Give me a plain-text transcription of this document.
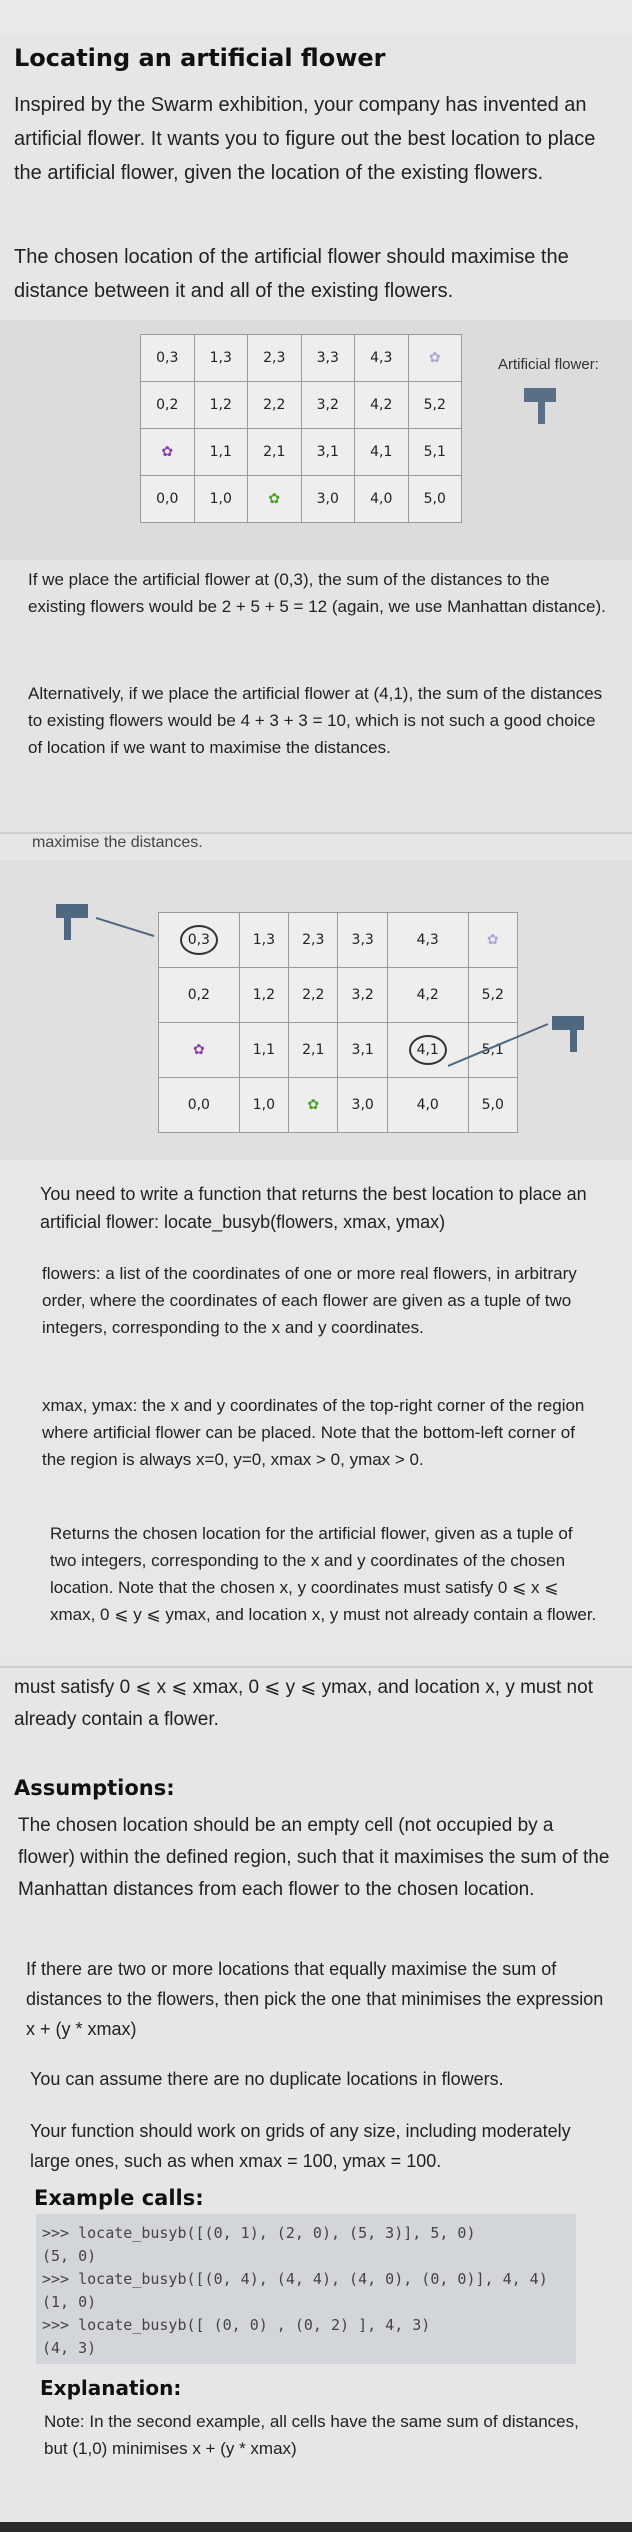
Locating an artificial flower

Inspired by the Swarm exhibition, your company has invented an artificial flower. It wants you to figure out the best location to place the artificial flower, given the location of the existing flowers.

The chosen location of the artificial flower should maximise the distance between it and all of the existing flowers.

0,3	1,3	2,3	3,3	4,3	✿
0,2	1,2	2,2	3,2	4,2	5,2
✿	1,1	2,1	3,1	4,1	5,1
0,0	1,0	✿	3,0	4,0	5,0
Artificial flower:

If we place the artificial flower at (0,3), the sum of the distances to the existing flowers would be 2 + 5 + 5 = 12 (again, we use Manhattan distance).

Alternatively, if we place the artificial flower at (4,1), the sum of the distances to existing flowers would be 4 + 3 + 3 = 10, which is not such a good choice of location if we want to maximise the distances.

maximise the distances.
0,3	1,3	2,3	3,3	4,3	✿
0,2	1,2	2,2	3,2	4,2	5,2
✿	1,1	2,1	3,1	4,1	5,1
0,0	1,0	✿	3,0	4,0	5,0

You need to write a function that returns the best location to place an artificial flower: locate_busyb(flowers, xmax, ymax)

flowers: a list of the coordinates of one or more real flowers, in arbitrary order, where the coordinates of each flower are given as a tuple of two integers, corresponding to the x and y coordinates.

xmax, ymax: the x and y coordinates of the top-right corner of the region where artificial flower can be placed. Note that the bottom-left corner of the region is always x=0, y=0, xmax > 0, ymax > 0.

Returns the chosen location for the artificial flower, given as a tuple of two integers, corresponding to the x and y coordinates of the chosen location. Note that the chosen x, y coordinates must satisfy 0 ⩽ x ⩽ xmax, 0 ⩽ y ⩽ ymax, and location x, y must not already contain a flower.

must satisfy 0 ⩽ x ⩽ xmax, 0 ⩽ y ⩽ ymax, and location x, y must not already contain a flower.

Assumptions:

The chosen location should be an empty cell (not occupied by a flower) within the defined region, such that it maximises the sum of the Manhattan distances from each flower to the chosen location.

If there are two or more locations that equally maximise the sum of distances to the flowers, then pick the one that minimises the expression x + (y * xmax)

You can assume there are no duplicate locations in flowers.

Your function should work on grids of any size, including moderately large ones, such as when xmax = 100, ymax = 100.

Example calls:
>>> locate_busyb([(0, 1), (2, 0), (5, 3)], 5, 0)
(5, 0)
>>> locate_busyb([(0, 4), (4, 4), (4, 0), (0, 0)], 4, 4)
(1, 0)
>>> locate_busyb([ (0, 0) , (0, 2) ], 4, 3)
(4, 3)
Explanation:

Note: In the second example, all cells have the same sum of distances, but (1,0) minimises x + (y * xmax)
